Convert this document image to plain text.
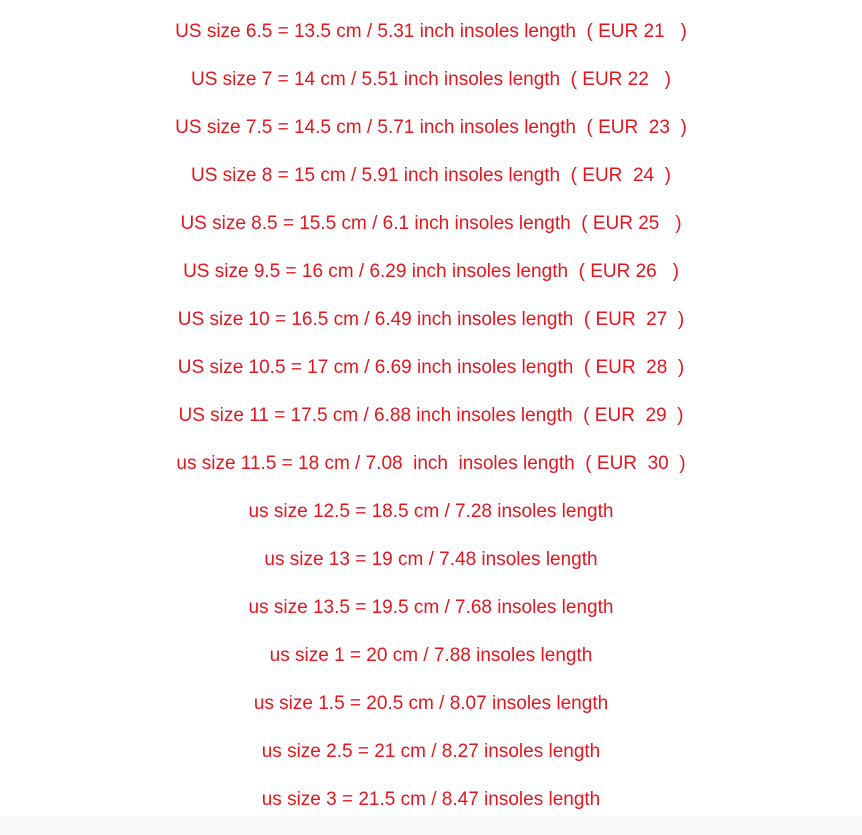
US size 6.5 = 13.5 cm / 5.31 inch insoles length  ( EUR 21   )
US size 7 = 14 cm / 5.51 inch insoles length  ( EUR 22   )
US size 7.5 = 14.5 cm / 5.71 inch insoles length  ( EUR  23  )
US size 8 = 15 cm / 5.91 inch insoles length  ( EUR  24  )
US size 8.5 = 15.5 cm / 6.1 inch insoles length  ( EUR 25   )
US size 9.5 = 16 cm / 6.29 inch insoles length  ( EUR 26   )
US size 10 = 16.5 cm / 6.49 inch insoles length  ( EUR  27  )
US size 10.5 = 17 cm / 6.69 inch insoles length  ( EUR  28  )
US size 11 = 17.5 cm / 6.88 inch insoles length  ( EUR  29  )
us size 11.5 = 18 cm / 7.08  inch  insoles length  ( EUR  30  )
us size 12.5 = 18.5 cm / 7.28 insoles length
us size 13 = 19 cm / 7.48 insoles length
us size 13.5 = 19.5 cm / 7.68 insoles length
us size 1 = 20 cm / 7.88 insoles length
us size 1.5 = 20.5 cm / 8.07 insoles length
us size 2.5 = 21 cm / 8.27 insoles length
us size 3 = 21.5 cm / 8.47 insoles length
